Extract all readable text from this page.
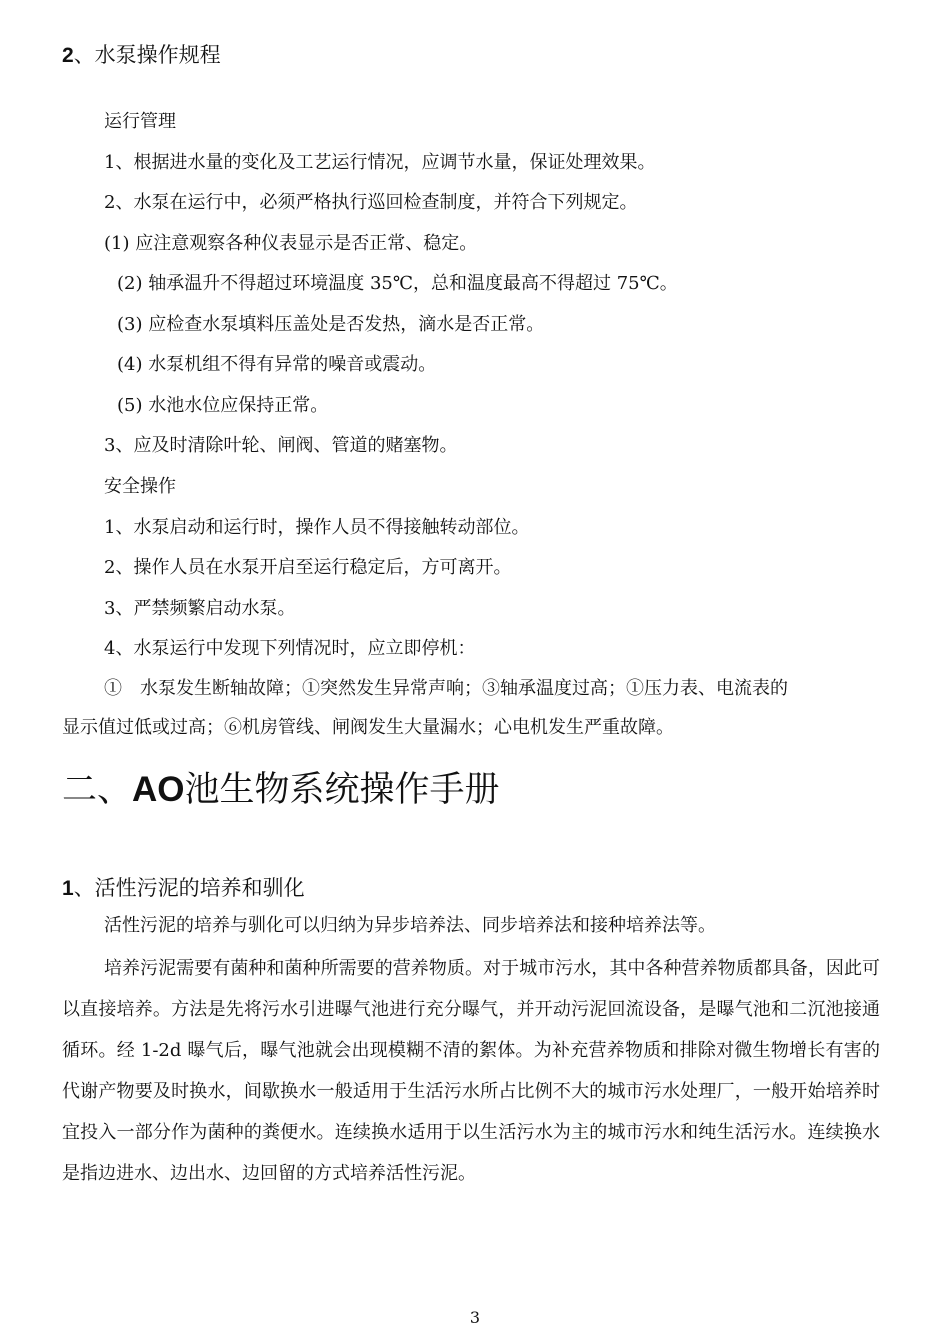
2、水泵操作规程
运行管理
1、根据进水量的变化及工艺运行情况，应调节水量，保证处理效果。
2、水泵在运行中，必须严格执行巡回检查制度，并符合下列规定。
(1) 应注意观察各种仪表显示是否正常、稳定。
(2) 轴承温升不得超过环境温度 35℃，总和温度最高不得超过 75℃。
(3) 应检查水泵填料压盖处是否发热，滴水是否正常。
(4) 水泵机组不得有异常的噪音或震动。
(5) 水池水位应保持正常。
3、应及时清除叶轮、闸阀、管道的赌塞物。
安全操作
1、水泵启动和运行时，操作人员不得接触转动部位。
2、操作人员在水泵开启至运行稳定后，方可离开。
3、严禁频繁启动水泵。
4、水泵运行中发现下列情况时，应立即停机：
①　水泵发生断轴故障；①突然发生异常声响；③轴承温度过高；①压力表、电流表的
显示值过低或过高；⑥机房管线、闸阀发生大量漏水；心电机发生严重故障。
二、AO池生物系统操作手册
1、活性污泥的培养和驯化

活性污泥的培养与驯化可以归纳为异步培养法、同步培养法和接种培养法等。

培养污泥需要有菌种和菌种所需要的营养物质。对于城市污水，其中各种营养物质都具备，因此可以直接培养。方法是先将污水引进曝气池进行充分曝气，并开动污泥回流设备，是曝气池和二沉池接通循环。经 1-2d 曝气后，曝气池就会出现模糊不清的絮体。为补充营养物质和排除对微生物增长有害的代谢产物要及时换水，间歇换水一般适用于生活污水所占比例不大的城市污水处理厂，一般开始培养时宜投入一部分作为菌种的粪便水。连续换水适用于以生活污水为主的城市污水和纯生活污水。连续换水是指边进水、边出水、边回留的方式培养活性污泥。

3
